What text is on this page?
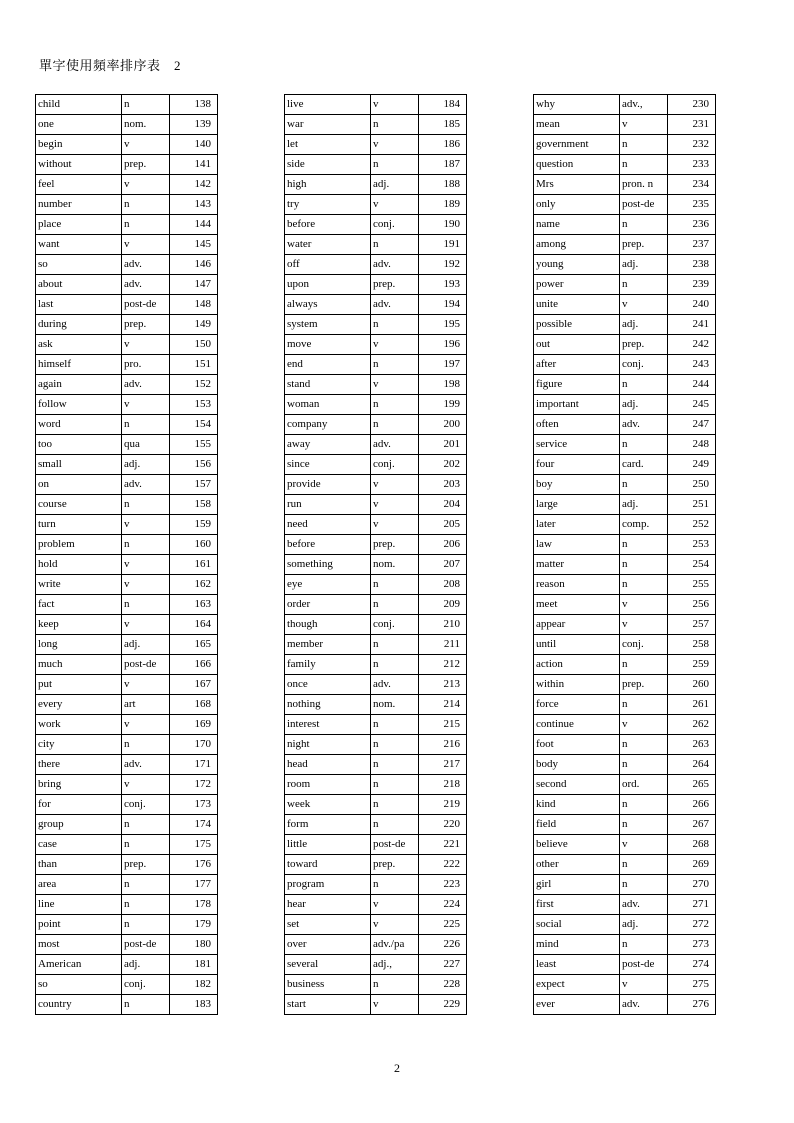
單字使用頻率排序表　2
child	n	138
one	nom.	139
begin	v	140
without	prep.	141
feel	v	142
number	n	143
place	n	144
want	v	145
so	adv.	146
about	adv.	147
last	post-de	148
during	prep.	149
ask	v	150
himself	pro.	151
again	adv.	152
follow	v	153
word	n	154
too	qua	155
small	adj.	156
on	adv.	157
course	n	158
turn	v	159
problem	n	160
hold	v	161
write	v	162
fact	n	163
keep	v	164
long	adj.	165
much	post-de	166
put	v	167
every	art	168
work	v	169
city	n	170
there	adv.	171
bring	v	172
for	conj.	173
group	n	174
case	n	175
than	prep.	176
area	n	177
line	n	178
point	n	179
most	post-de	180
American	adj.	181
so	conj.	182
country	n	183
live	v	184
war	n	185
let	v	186
side	n	187
high	adj.	188
try	v	189
before	conj.	190
water	n	191
off	adv.	192
upon	prep.	193
always	adv.	194
system	n	195
move	v	196
end	n	197
stand	v	198
woman	n	199
company	n	200
away	adv.	201
since	conj.	202
provide	v	203
run	v	204
need	v	205
before	prep.	206
something	nom.	207
eye	n	208
order	n	209
though	conj.	210
member	n	211
family	n	212
once	adv.	213
nothing	nom.	214
interest	n	215
night	n	216
head	n	217
room	n	218
week	n	219
form	n	220
little	post-de	221
toward	prep.	222
program	n	223
hear	v	224
set	v	225
over	adv./pa	226
several	adj.,	227
business	n	228
start	v	229
why	adv.,	230
mean	v	231
government	n	232
question	n	233
Mrs	pron. n	234
only	post-de	235
name	n	236
among	prep.	237
young	adj.	238
power	n	239
unite	v	240
possible	adj.	241
out	prep.	242
after	conj.	243
figure	n	244
important	adj.	245
often	adv.	247
service	n	248
four	card.	249
boy	n	250
large	adj.	251
later	comp.	252
law	n	253
matter	n	254
reason	n	255
meet	v	256
appear	v	257
until	conj.	258
action	n	259
within	prep.	260
force	n	261
continue	v	262
foot	n	263
body	n	264
second	ord.	265
kind	n	266
field	n	267
believe	v	268
other	n	269
girl	n	270
first	adv.	271
social	adj.	272
mind	n	273
least	post-de	274
expect	v	275
ever	adv.	276
2
